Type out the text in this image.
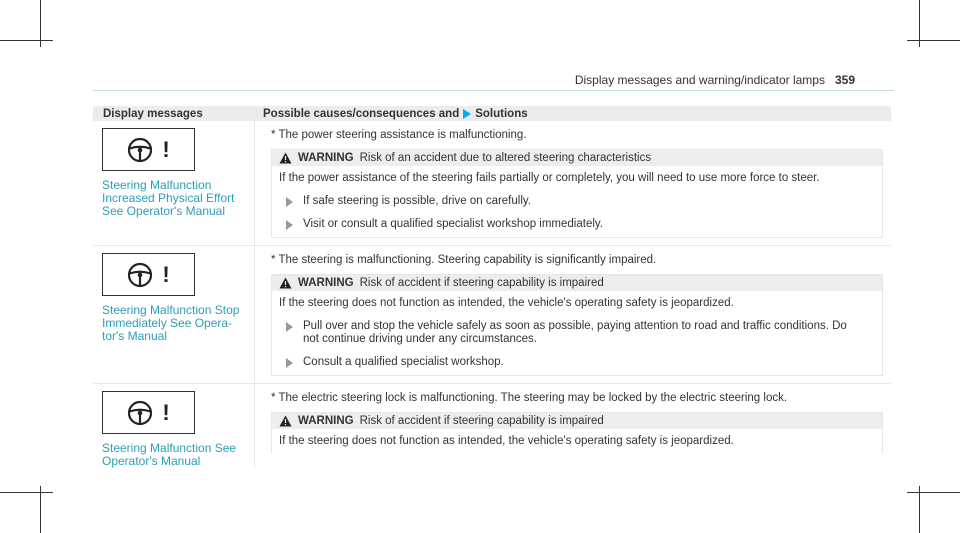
Display messages and warning/indicator lamps 359
Display messages	Possible causes/consequences and Solutions
!
Steering Malfunction Increased Physical Effort See Operator's Manual
* The power steering assistance is malfunctioning.
WARNING Risk of an accident due to altered steering characteristics
If the power assistance of the steering fails partially or completely, you will need to use more force to steer.
If safe steering is possible, drive on carefully.
Visit or consult a qualified specialist workshop immediately.
!
Steering Malfunction Stop Immediately See Opera- tor's Manual
* The steering is malfunctioning. Steering capability is significantly impaired.
WARNING Risk of accident if steering capability is impaired
If the steering does not function as intended, the vehicle's operating safety is jeopardized.
Pull over and stop the vehicle safely as soon as possible, paying attention to road and traffic conditions. Do not continue driving under any circumstances.
Consult a qualified specialist workshop.
!
Steering Malfunction See Operator's Manual
* The electric steering lock is malfunctioning. The steering may be locked by the electric steering lock.
WARNING Risk of accident if steering capability is impaired
If the steering does not function as intended, the vehicle's operating safety is jeopardized.
